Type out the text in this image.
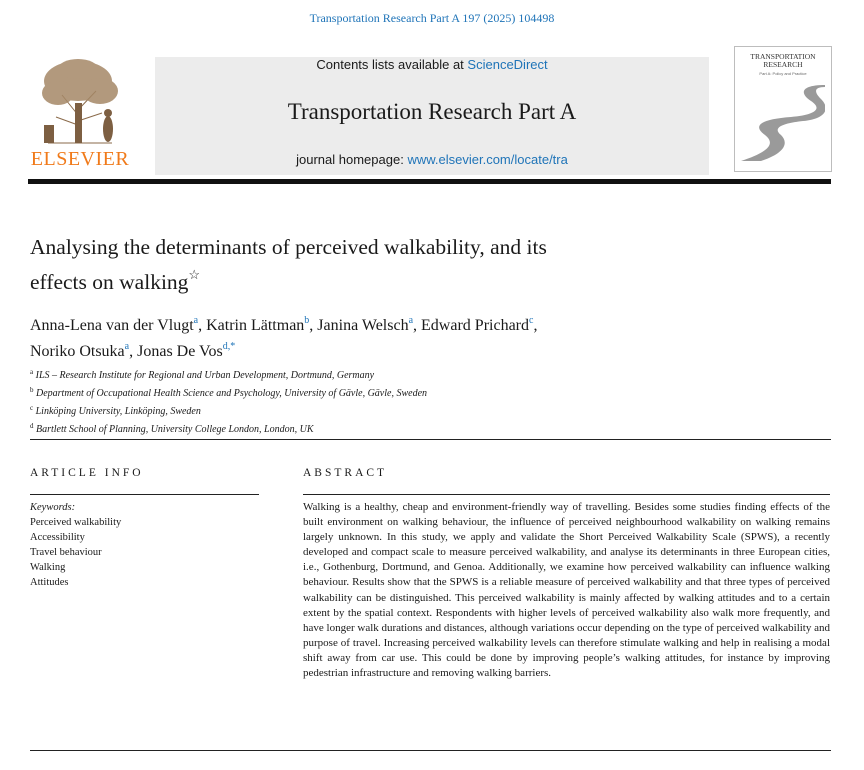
Transportation Research Part A 197 (2025) 104498
ELSEVIER
Contents lists available at ScienceDirect
Transportation Research Part A
journal homepage: www.elsevier.com/locate/tra
TRANSPORTATION
RESEARCH
Part A: Policy and Practice
Analysing the determinants of perceived walkability, and its
effects on walking☆
Anna-Lena van der Vlugt$^a$, Katrin Lättman$^b$, Janina Welsch$^a$, Edward Prichard$^c$,
Noriko Otsuka$^a$, Jonas De Vos$^{d,*}$
$^a$ ILS – Research Institute for Regional and Urban Development, Dortmund, Germany
$^b$ Department of Occupational Health Science and Psychology, University of Gävle, Gävle, Sweden
$^c$ Linköping University, Linköping, Sweden
$^d$ Bartlett School of Planning, University College London, London, UK
ARTICLE INFO
Keywords:
Perceived walkability
Accessibility
Travel behaviour
Walking
Attitudes
ABSTRACT
Walking is a healthy, cheap and environment-friendly way of travelling. Besides some studies finding effects of the built environment on walking behaviour, the influence of perceived neighbourhood walkability on walking remains largely unknown. In this study, we apply and validate the Short Perceived Walkability Scale (SPWS), a recently developed and compact scale to measure perceived walkability, and analyse its determinants in three European cities, i.e., Gothenburg, Dortmund, and Genoa. Additionally, we examine how perceived walkability can influence walking behaviour. Results show that the SPWS is a reliable measure of perceived walkability and that three types of perceived walkability can be distinguished. This perceived walkability is mainly affected by walking attitudes and to a certain extent by the spatial context. Respondents with higher levels of perceived walkability also walk more frequently, and have longer walk durations and distances, although variations occur depending on the type of perceived walkability and purpose of travel. Increasing perceived walkability levels can therefore stimulate walking and help in realising a modal shift away from car use. This could be done by improving people’s walking attitudes, for instance by improving pedestrian infrastructure and removing walking barriers.
